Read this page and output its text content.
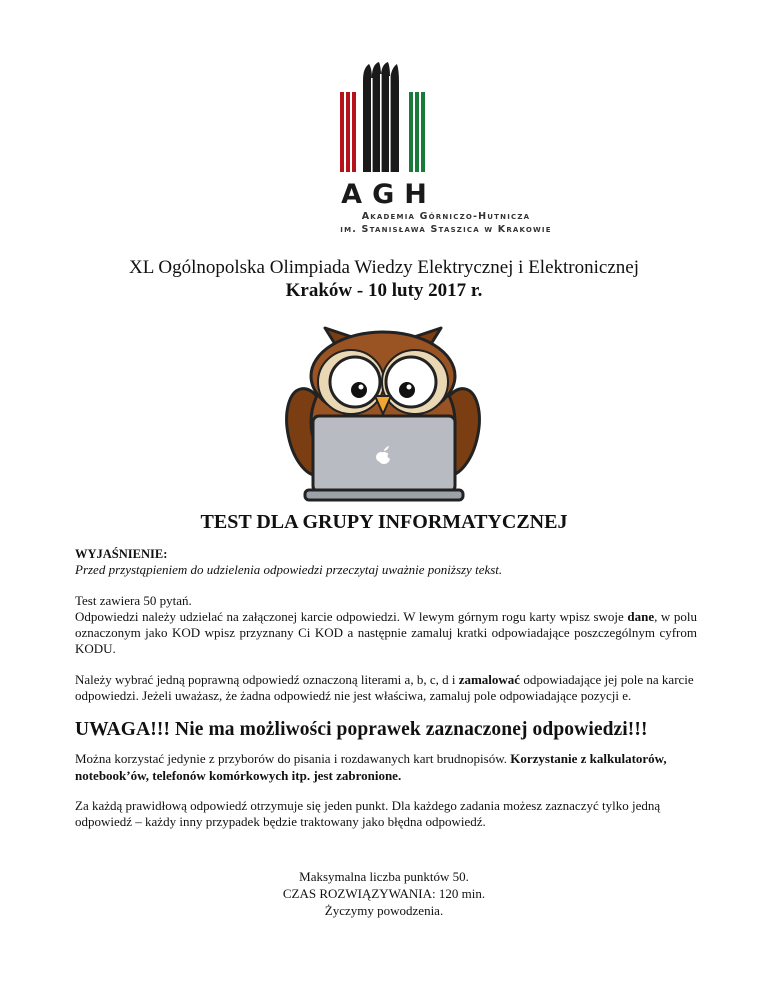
AGH
Akademia Górniczo-Hutnicza
im. Stanisława Staszica w Krakowie
XL Ogólnopolska Olimpiada Wiedzy Elektrycznej i Elektronicznej
Kraków - 10 luty 2017 r.
TEST DLA GRUPY INFORMATYCZNEJ

WYJAŚNIENIE:

Przed przystąpieniem do udzielenia odpowiedzi przeczytaj uważnie poniższy tekst.

Test zawiera 50 pytań.

Odpowiedzi należy udzielać na załączonej karcie odpowiedzi. W lewym górnym rogu karty wpisz swoje dane, w polu oznaczonym jako KOD wpisz przyznany Ci KOD a następnie zamaluj kratki odpowiadające poszczególnym cyfrom KODU.

Należy wybrać jedną poprawną odpowiedź oznaczoną literami a, b, c, d i zamalować odpowiadające jej pole na karcie odpowiedzi. Jeżeli uważasz, że żadna odpowiedź nie jest właściwa, zamaluj pole odpowiadające pozycji e.

UWAGA!!! Nie ma możliwości poprawek zaznaczonej odpowiedzi!!!

Można korzystać jedynie z przyborów do pisania i rozdawanych kart brudnopisów. Korzystanie z kalkulatorów, notebook’ów, telefonów komórkowych itp. jest zabronione.

Za każdą prawidłową odpowiedź otrzymuje się jeden punkt. Dla każdego zadania możesz zaznaczyć tylko jedną odpowiedź – każdy inny przypadek będzie traktowany jako błędna odpowiedź.

Maksymalna liczba punktów 50.

CZAS ROZWIĄZYWANIA: 120 min.

Życzymy powodzenia.
